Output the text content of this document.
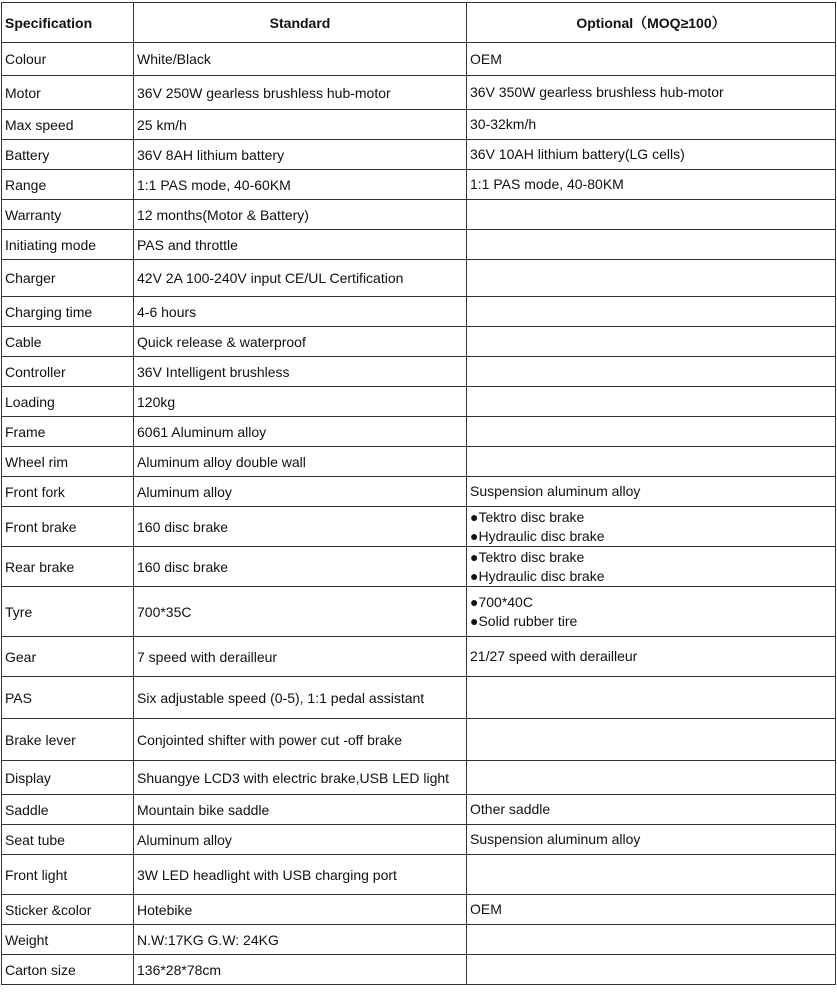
Specification	Standard	Optional（MOQ≥100）
Colour	White/Black	OEM

Motor	36V 250W gearless brushless hub-motor	36V 350W gearless brushless hub-motor

Max speed	25 km/h	30-32km/h

Battery	36V 8AH lithium battery	36V 10AH lithium battery(LG cells)

Range	1:1 PAS mode, 40-60KM	1:1 PAS mode, 40-80KM

Warranty	12 months(Motor & Battery)	
Initiating mode	PAS and throttle	
Charger	42V 2A 100-240V input CE/UL Certification	
Charging time	4-6 hours	
Cable	Quick release & waterproof	
Controller	36V Intelligent brushless	
Loading	120kg	
Frame	6061 Aluminum alloy	
Wheel rim	Aluminum alloy double wall	
Front fork	Aluminum alloy	Suspension aluminum alloy

Front brake	160 disc brake	●Tektro disc brake
●Hydraulic disc brake

Rear brake	160 disc brake	●Tektro disc brake
●Hydraulic disc brake

Tyre	700*35C	●700*40C
●Solid rubber tire

Gear	7 speed with derailleur	21/27 speed with derailleur

PAS	Six adjustable speed (0-5), 1:1 pedal assistant	
Brake lever	Conjointed shifter with power cut -off brake	
Display	Shuangye LCD3 with electric brake,USB LED light	
Saddle	Mountain bike saddle	Other saddle

Seat tube	Aluminum alloy	Suspension aluminum alloy

Front light	3W LED headlight with USB charging port	
Sticker &color	Hotebike	OEM

Weight	N.W:17KG G.W: 24KG	
Carton size	136*28*78cm	
